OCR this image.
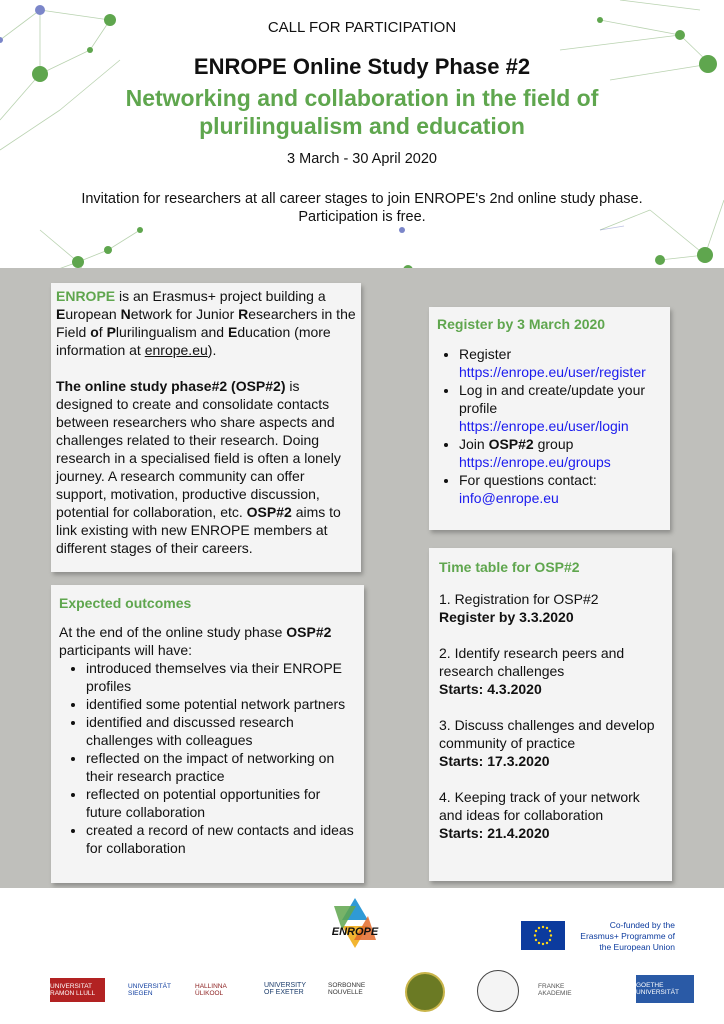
CALL FOR PARTICIPATION
ENROPE Online Study Phase #2
Networking and collaboration in the field of plurilingualism and education
3 March - 30 April 2020
Invitation for researchers at all career stages to join ENROPE's 2nd online study phase.
Participation is free.

ENROPE is an Erasmus+ project building a European Network for Junior Researchers in the Field of Plurilingualism and Education (more information at enrope.eu).

The online study phase#2 (OSP#2) is designed to create and consolidate contacts between researchers who share aspects and challenges related to their research. Doing research in a specialised field is often a lonely journey. A research community can offer support, motivation, productive discussion, potential for collaboration, etc. OSP#2 aims to link existing with new ENROPE members at different stages of their careers.

Register by 3 March 2020

• Register https://enrope.eu/user/register
• Log in and create/update your profile https://enrope.eu/user/login
• Join OSP#2 group https://enrope.eu/groups
• For questions contact: info@enrope.eu

Expected outcomes

At the end of the online study phase OSP#2 participants will have:

• introduced themselves via their ENROPE profiles
• identified some potential network partners
• identified and discussed research challenges with colleagues
• reflected on the impact of networking on their research practice
• reflected on potential opportunities for future collaboration
• created a record of new contacts and ideas for collaboration

Time table for OSP#2

1. Registration for OSP#2

Register by 3.3.2020

2. Identify research peers and research challenges

Starts: 4.3.2020

3. Discuss challenges and develop community of practice

Starts: 17.3.2020

4. Keeping track of your network and ideas for collaboration

Starts: 21.4.2020

ENROPE
Co-funded by the Erasmus+ Programme of the European Union
UNIVERSITAT RAMON LLULL
UNIVERSITÄT SIEGEN
HALLINNA ÜLIKOOL
UNIVERSITY OF EXETER
SORBONNE NOUVELLE
FRANKE AKADEMIE
GOETHE UNIVERSITÄT
